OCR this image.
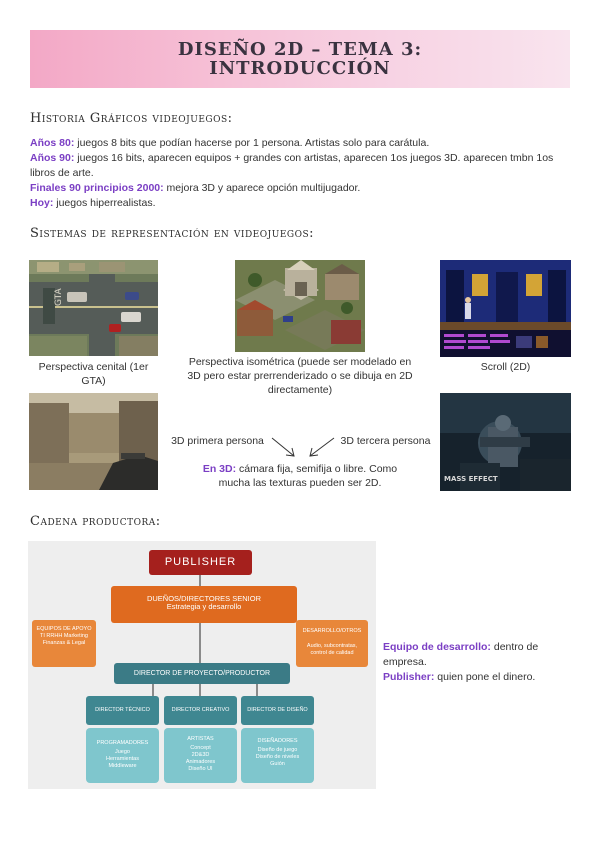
DISEÑO 2D – TEMA 3:
INTRODUCCIÓN
Historia Gráficos videojuegos:

Años 80: juegos 8 bits que podían hacerse por 1 persona. Artistas solo para carátula.

Años 90: juegos 16 bits, aparecen equipos + grandes con artistas, aparecen 1os juegos 3D. aparecen tmbn 1os libros de arte.

Finales 90 principios 2000: mejora 3D y aparece opción multijugador.

Hoy: juegos hiperrealistas.

Sistemas de representación en videojuegos:
GTA
Perspectiva cenital (1er GTA)
Perspectiva isométrica (puede ser modelado en 3D pero estar prerrenderizado o se dibuja en 2D directamente)
Scroll (2D)
MASS EFFECT
3D primera persona	3D tercera persona
En 3D: cámara fija, semifija o libre. Como mucha las texturas pueden ser 2D.
Cadena productora:
PUBLISHER
DUEÑOS/DIRECTORES SENIOR
Estrategia y desarrollo
EQUIPOS DE APOYO TI RRHH Marketing Finanzas & Legal
DESARROLLO/OTROS
Audio, subcontratas, control de calidad
DIRECTOR DE PROYECTO/PRODUCTOR
DIRECTOR TÉCNICO	DIRECTOR CREATIVO	DIRECTOR DE DISEÑO
PROGRAMADORES
Juego Herramientas Middleware
ARTISTAS
Concept 2D&3D Animadores Diseño UI
DISEÑADORES
Diseño de juego Diseño de niveles Guión

Equipo de desarrollo: dentro de empresa.

Publisher: quien pone el dinero.
